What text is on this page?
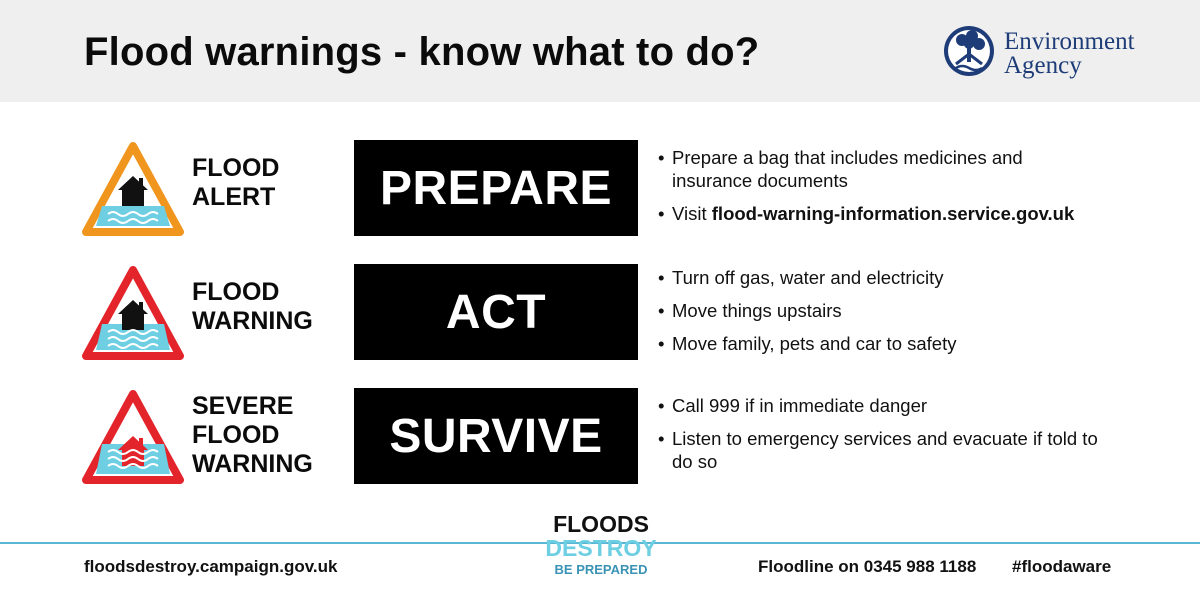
Flood warnings - know what to do?	Environment
Agency
FLOOD
ALERT PREPARE
• Prepare a bag that includes medicines and insurance documents
• Visit flood-warning-information.service.gov.uk
FLOOD
WARNING	ACT
• Turn off gas, water and electricity
• Move things upstairs
• Move family, pets and car to safety
SEVERE
FLOOD
WARNING
SURVIVE
• Call 999 if in immediate danger
• Listen to emergency services and evacuate if told to do so
floodsdestroy.campaign.gov.uk
FLOODS
DESTROY
BE PREPARED	Floodline on 0345 988 1188 #floodaware
